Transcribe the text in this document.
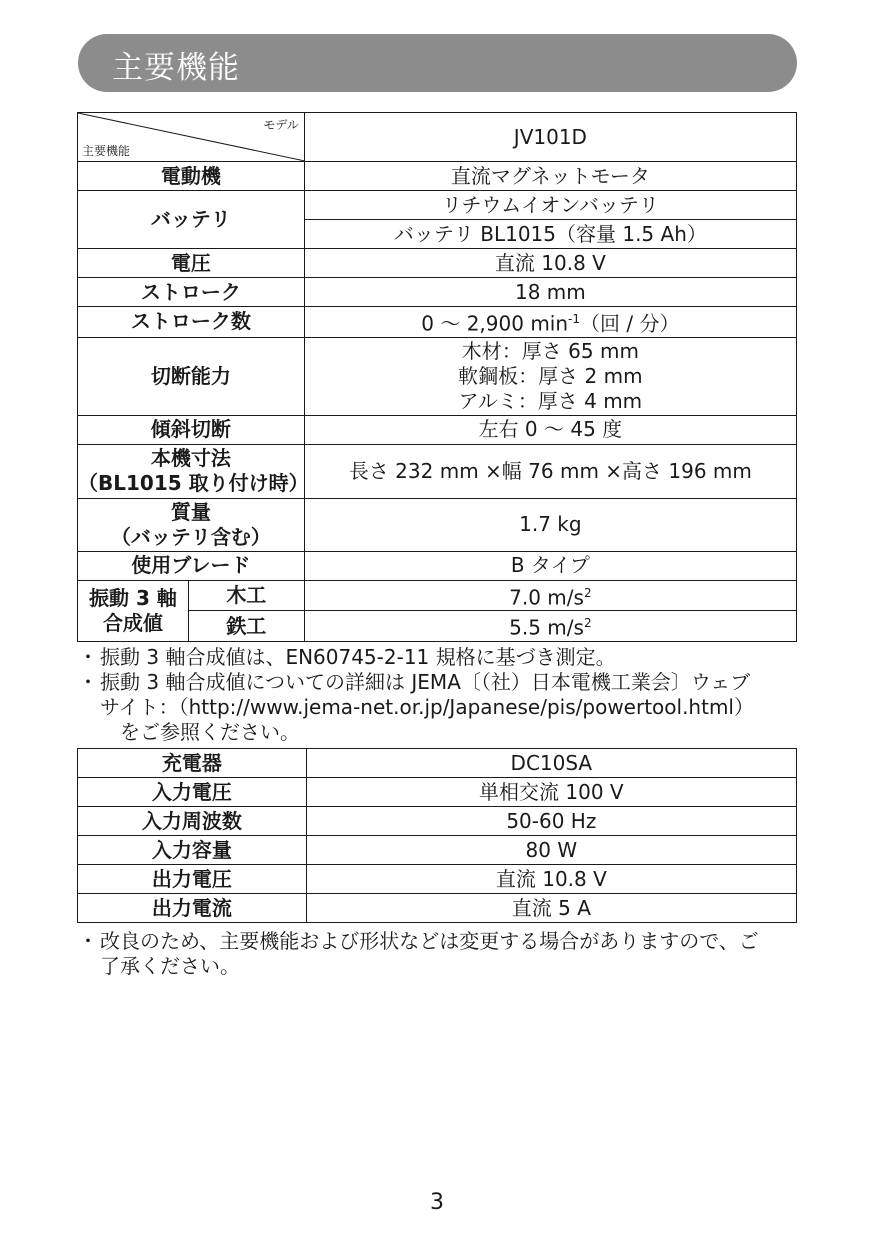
主要機能
モデル
主要機能		JV101D
電動機		直流マグネットモータ
バッテリ		リチウムイオンバッテリ
		バッテリ BL1015（容量 1.5 Ah）
電圧		直流 10.8 V
ストローク		18 mm
ストローク数		0 ～ 2,900 $\min^{-1}$（回 / 分）
切断能力		木材：厚さ 65 mm
軟鋼板：厚さ 2 mm
アルミ：厚さ 4 mm

傾斜切断		左右 0 ～ 45 度

本機寸法
（BL1015 取り付け時）		長さ 232 mm ×幅 76 mm ×高さ 196 mm

質量
（バッテリ含む）		1.7 kg
使用ブレード		B タイプ

振動 3 軸
合成値	木工	7.0 $m/s^2$
	鉄工	5.5 $m/s^2$
・ 振動 3 軸合成値は、EN60745-2-11 規格に基づき測定。
・ 振動 3 軸合成値についての詳細は JEMA〔（社）日本電機工業会〕ウェブ
サイト：（http://www.jema-net.or.jp/Japanese/pis/powertool.html）
をご参照ください。
充電器	DC10SA
入力電圧	単相交流 100 V
入力周波数	50-60 Hz
入力容量	80 W
出力電圧	直流 10.8 V
出力電流	直流 5 A
・ 改良のため、主要機能および形状などは変更する場合がありますので、ご
了承ください。
3
